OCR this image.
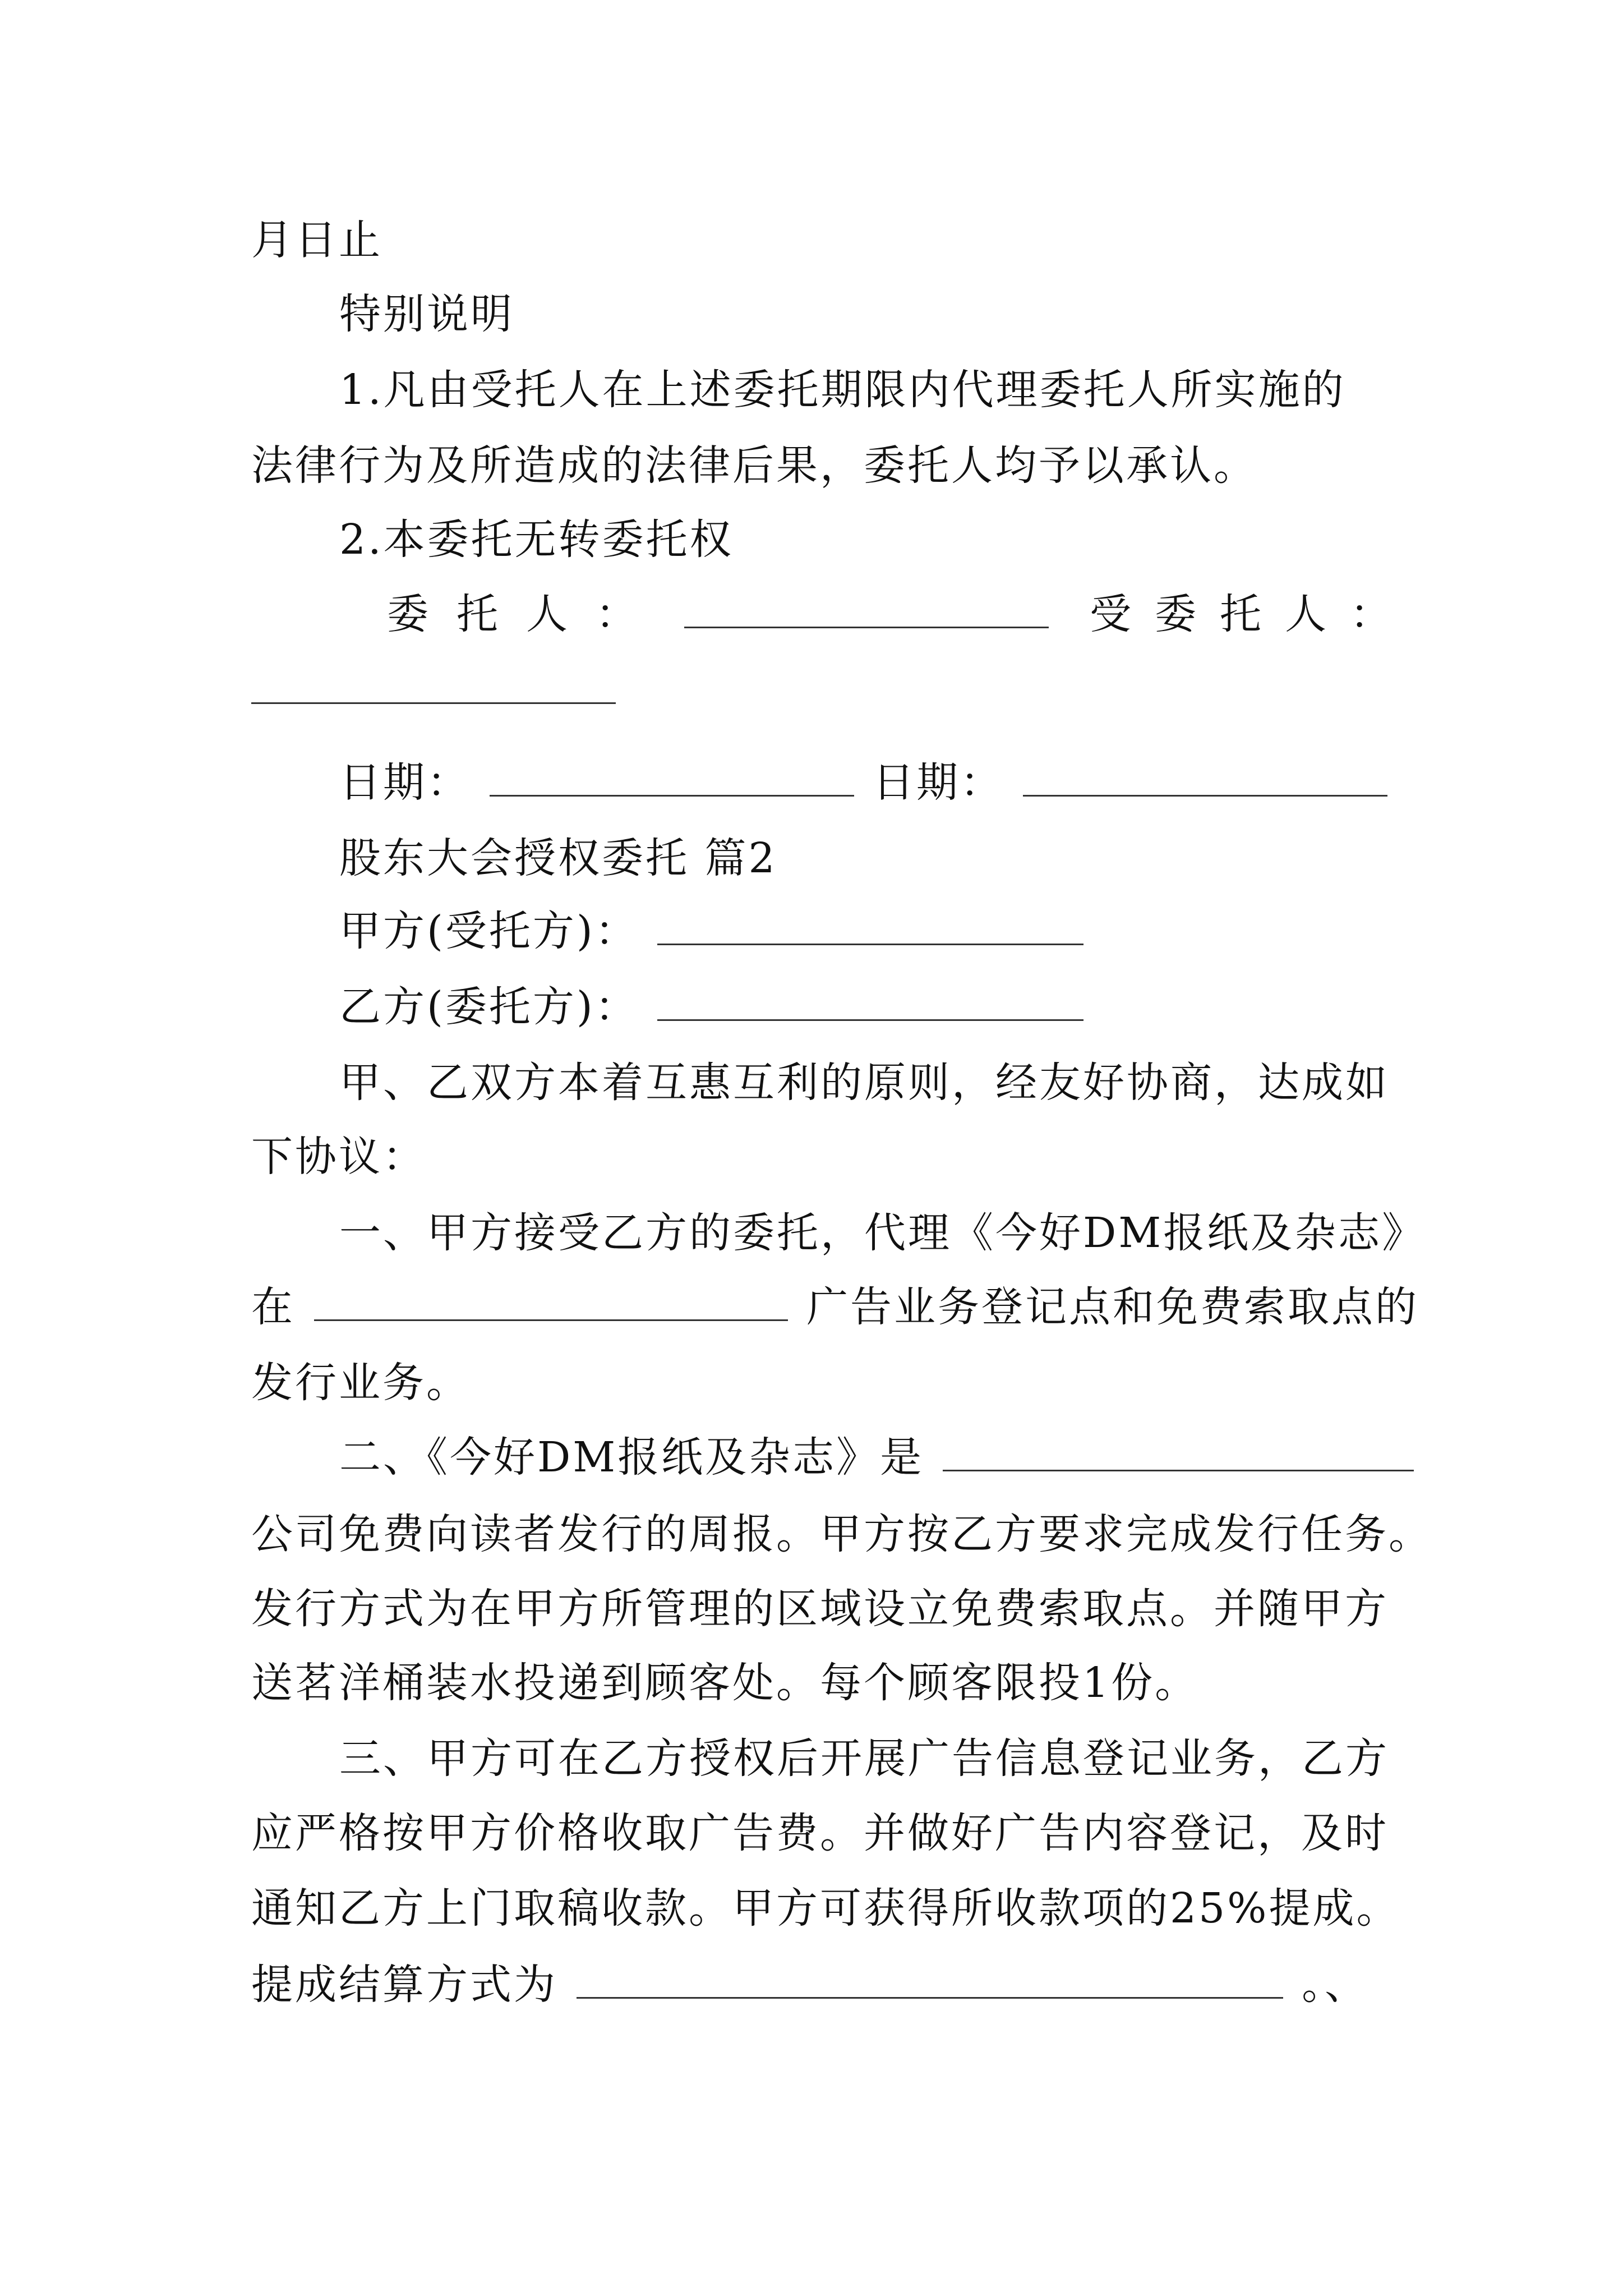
月日止
特别说明
1.凡由受托人在上述委托期限内代理委托人所实施的
法律行为及所造成的法律后果，委托人均予以承认。
2.本委托无转委托权
委托人：	受委托人：
日期：	日期：
股东大会授权委托 篇2
甲方(受托方)：
乙方(委托方)：
甲、乙双方本着互惠互利的原则，经友好协商，达成如
下协议：
一、甲方接受乙方的委托，代理《今好DM报纸及杂志》
在	广告业务登记点和免费索取点的
发行业务。
二、《今好DM报纸及杂志》是
公司免费向读者发行的周报。甲方按乙方要求完成发行任务。
发行方式为在甲方所管理的区域设立免费索取点。并随甲方
送茗洋桶装水投递到顾客处。每个顾客限投1份。
三、甲方可在乙方授权后开展广告信息登记业务，乙方
应严格按甲方价格收取广告费。并做好广告内容登记，及时
通知乙方上门取稿收款。甲方可获得所收款项的25%提成。
提成结算方式为	。、
